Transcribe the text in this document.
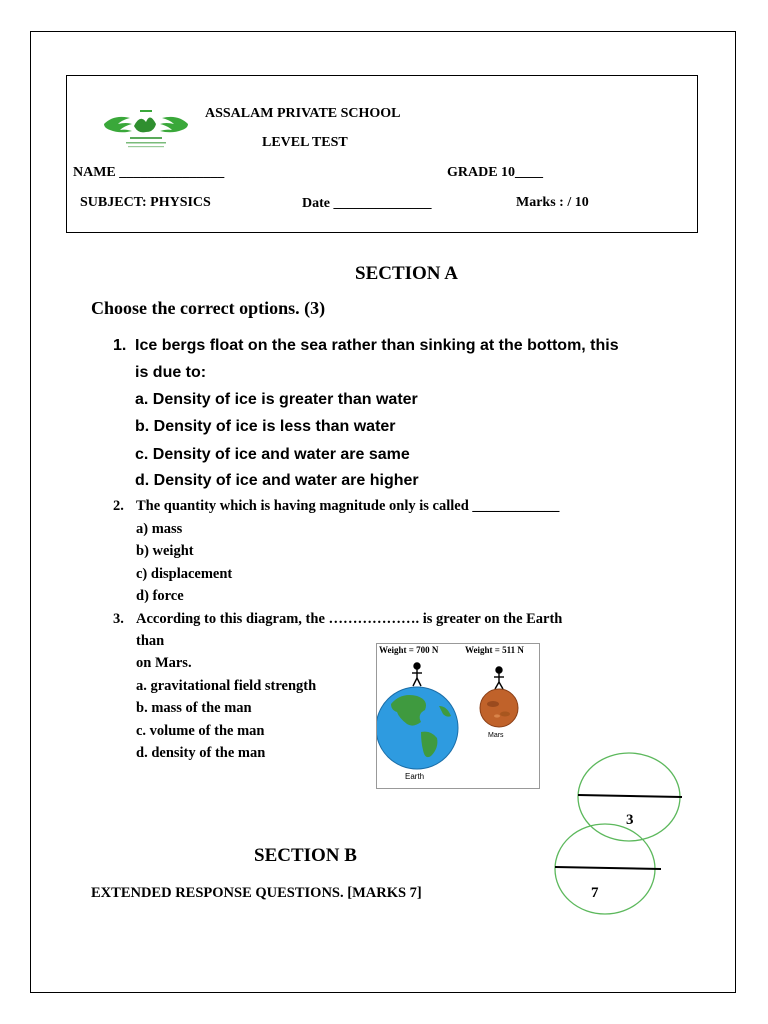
ASSALAM PRIVATE SCHOOL
LEVEL TEST
NAME _______________	GRADE 10____
SUBJECT: PHYSICS	Date ______________	Marks : / 10
SECTION A
Choose the correct options. (3)
1. Ice bergs float on the sea rather than sinking at the bottom, this
is due to:
a. Density of ice is greater than water
b. Density of ice is less than water
c. Density of ice and water are same
d. Density of ice and water are higher
2. The quantity which is having magnitude only is called ____________
a) mass
b) weight
c) displacement
d) force
3. According to this diagram, the ………………. is greater on the Earth
than
on Mars.
a. gravitational field strength
b. mass of the man
c. volume of the man
d. density of the man
Weight = 700 N	Weight = 511 N
Earth
Mars
3
SECTION B
EXTENDED RESPONSE QUESTIONS. [MARKS 7]	7
